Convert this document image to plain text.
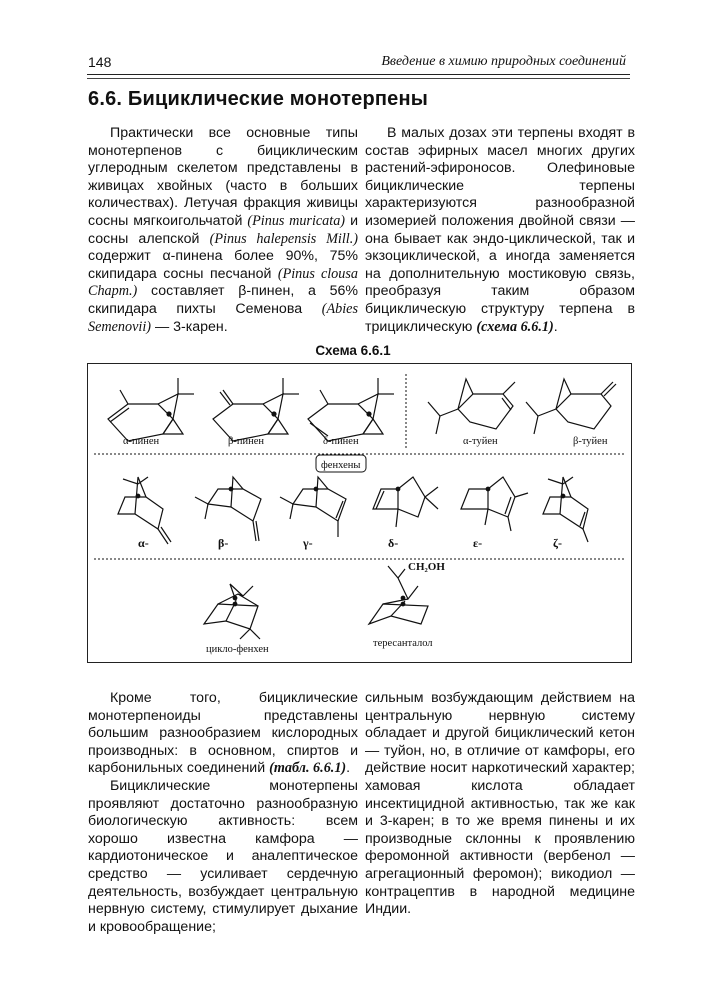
148	Введение в химию природных соединений
6.6. Бициклические монотерпены

Практически все основные типы монотерпенов с бициклическим углеродным скелетом представлены в живицах хвойных (часто в больших количествах). Летучая фракция живицы сосны мягкоигольчатой (Pinus muricata) и сосны алепской (Pinus halepensis Mill.) содержит α-пинена более 90%, 75% скипидара сосны песчаной (Pinus clousa Chapm.) составляет β-пинен, а 56% скипидара пихты Семенова (Abies Semenovii) — 3-карен.

В малых дозах эти терпены входят в состав эфирных масел многих других растений-эфироносов. Олефиновые бициклические терпены характеризуются разнообразной изомерией положения двойной связи — она бывает как эндо-циклической, так и экзоциклической, а иногда заменяется на дополнительную мостиковую связь, преобразуя таким образом бициклическую структуру терпена в трициклическую (схема 6.6.1).

Схема 6.6.1
α-пинен	β-пинен	δ-пинен	α-туйен	β-туйен
фенхены
α-	β-	γ-	δ-	ε-	ζ-
CH₂OH
цикло-фенхен
тересанталол

Кроме того, бициклические монотерпеноиды представлены большим разнообразием кислородных производных: в основном, спиртов и карбонильных соединений (табл. 6.6.1).

Бициклические монотерпены проявляют достаточно разнообразную биологическую активность: всем хорошо известна камфора — кардиотоническое и аналептическое средство — усиливает сердечную деятельность, возбуждает центральную нервную систему, стимулирует дыхание и кровообращение;

сильным возбуждающим действием на центральную нервную систему обладает и другой бициклический кетон — туйон, но, в отличие от камфоры, его действие носит наркотический характер; хамовая кислота обладает инсектицидной активностью, так же как и 3-карен; в то же время пинены и их производные склонны к проявлению феромонной активности (вербенол — агрегационный феромон); викодиол — контрацептив в народной медицине Индии.
